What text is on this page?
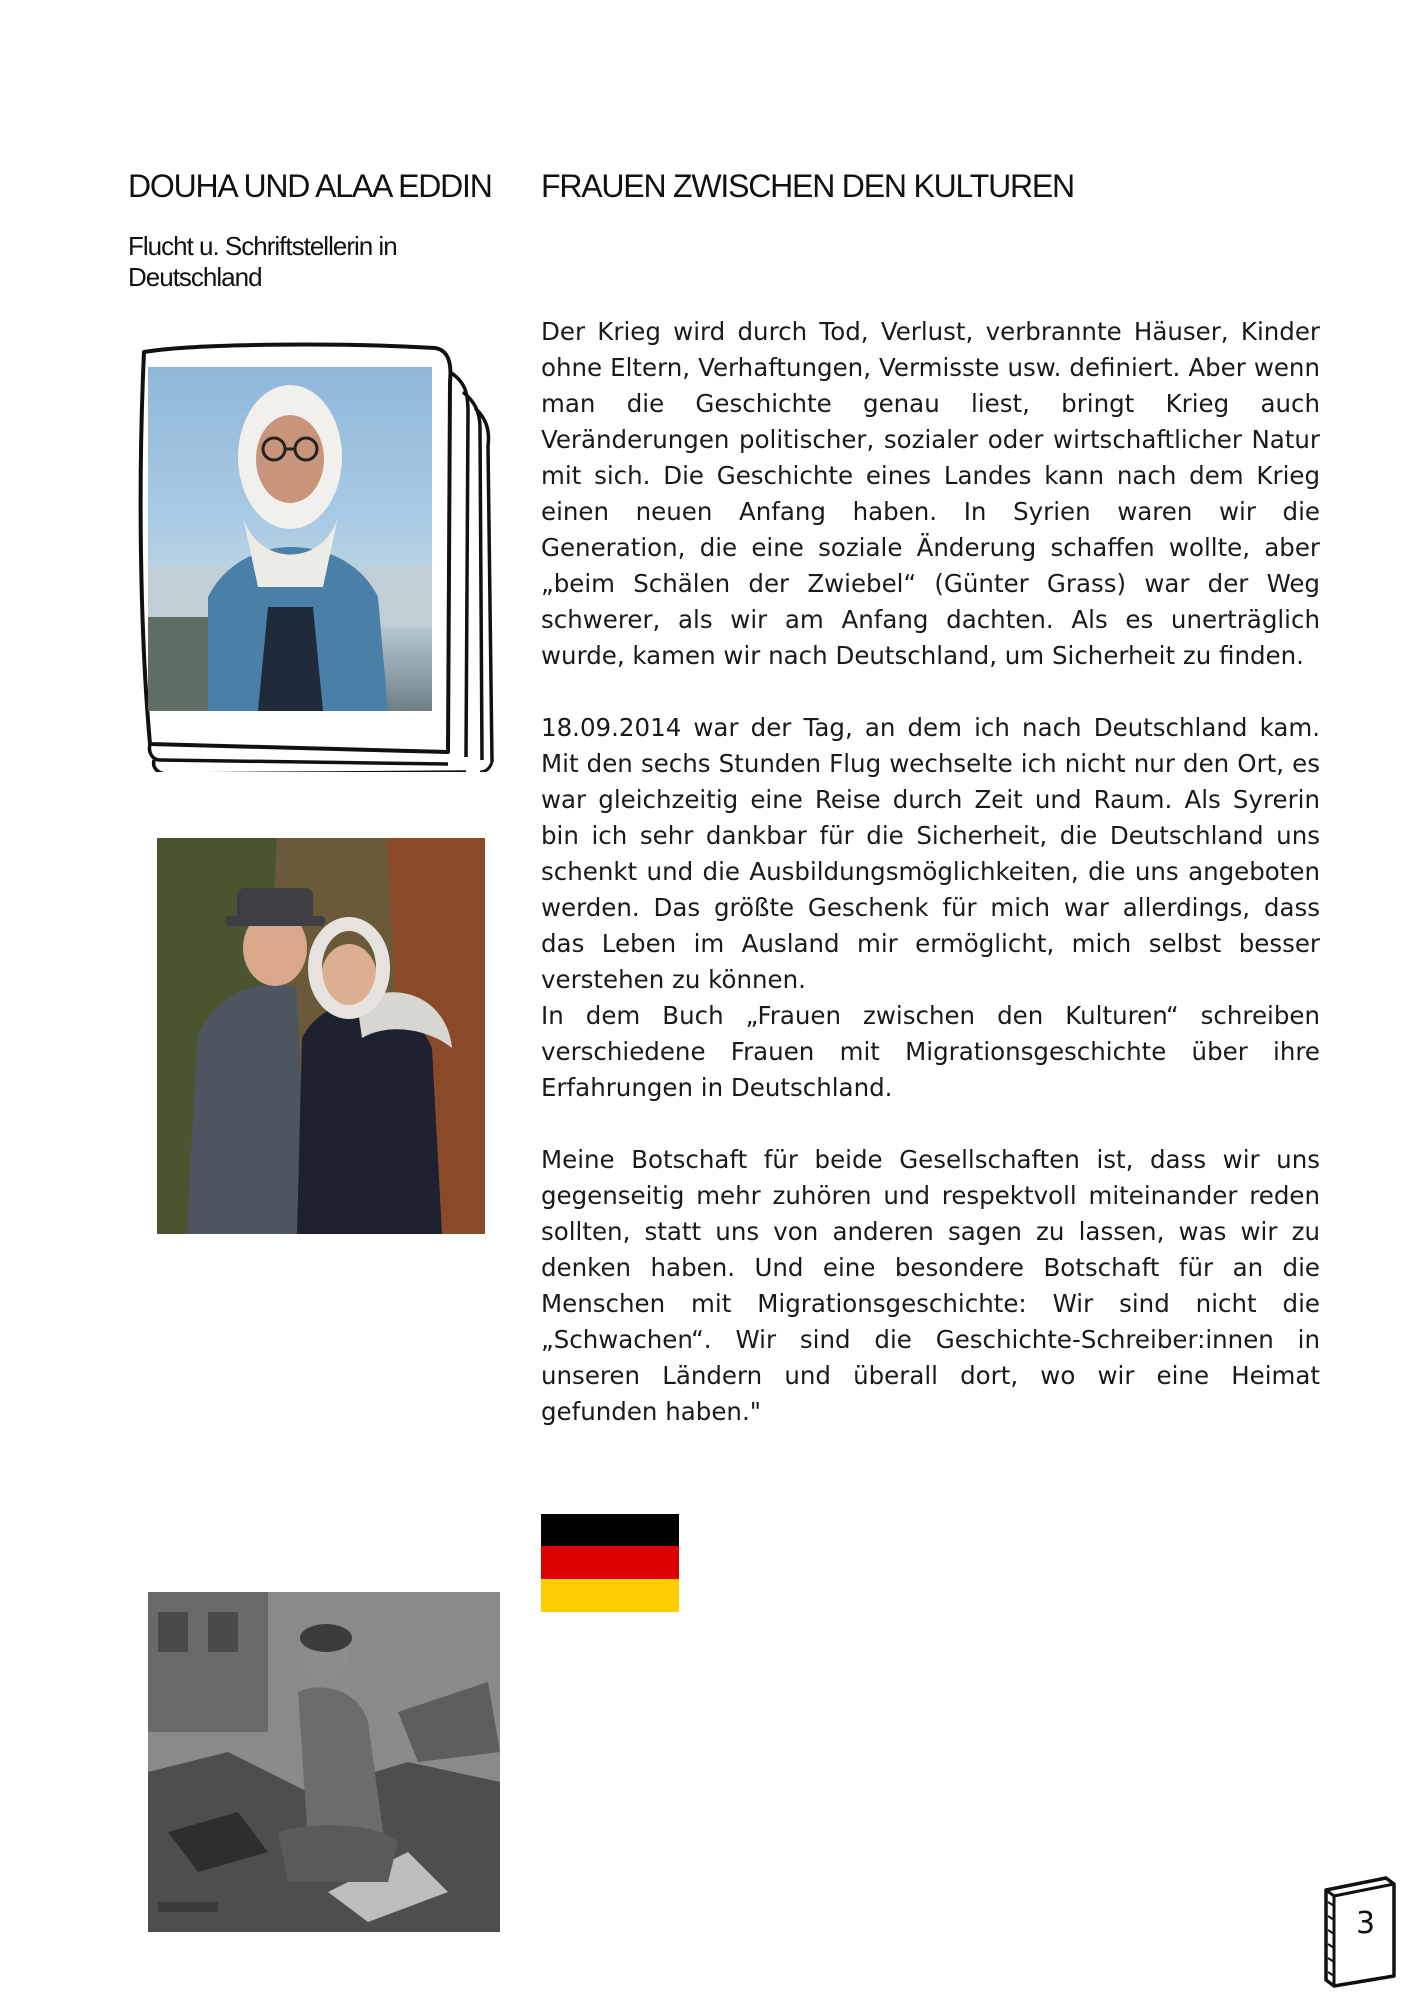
DOUHA UND ALAA EDDIN FRAUEN ZWISCHEN DEN KULTUREN
Flucht u. Schriftstellerin in Deutschland

Der Krieg wird durch Tod, Verlust, verbrannte Häuser, Kinder ohne Eltern, Verhaftungen, Vermisste usw. definiert. Aber wenn man die Geschichte genau liest, bringt Krieg auch Veränderungen politischer, sozialer oder wirtschaftlicher Natur mit sich. Die Geschichte eines Landes kann nach dem Krieg einen neuen Anfang haben. In Syrien waren wir die Generation, die eine soziale Änderung schaffen wollte, aber „beim Schälen der Zwiebel“ (Günter Grass) war der Weg schwerer, als wir am Anfang dachten. Als es unerträglich wurde, kamen wir nach Deutschland, um Sicherheit zu finden.

18.09.2014 war der Tag, an dem ich nach Deutschland kam. Mit den sechs Stunden Flug wechselte ich nicht nur den Ort, es war gleichzeitig eine Reise durch Zeit und Raum. Als Syrerin bin ich sehr dankbar für die Sicherheit, die Deutschland uns schenkt und die Ausbildungsmöglichkeiten, die uns angeboten werden. Das größte Geschenk für mich war allerdings, dass das Leben im Ausland mir ermöglicht, mich selbst besser verstehen zu können.

In dem Buch „Frauen zwischen den Kulturen“ schreiben verschiedene Frauen mit Migrationsgeschichte über ihre Erfahrungen in Deutschland.

Meine Botschaft für beide Gesellschaften ist, dass wir uns gegenseitig mehr zuhören und respektvoll miteinander reden sollten, statt uns von anderen sagen zu lassen, was wir zu denken haben. Und eine besondere Botschaft für an die Menschen mit Migrationsgeschichte: Wir sind nicht die „Schwachen“. Wir sind die Geschichte-Schreiber:innen in unseren Ländern und überall dort, wo wir eine Heimat gefunden haben."

3
